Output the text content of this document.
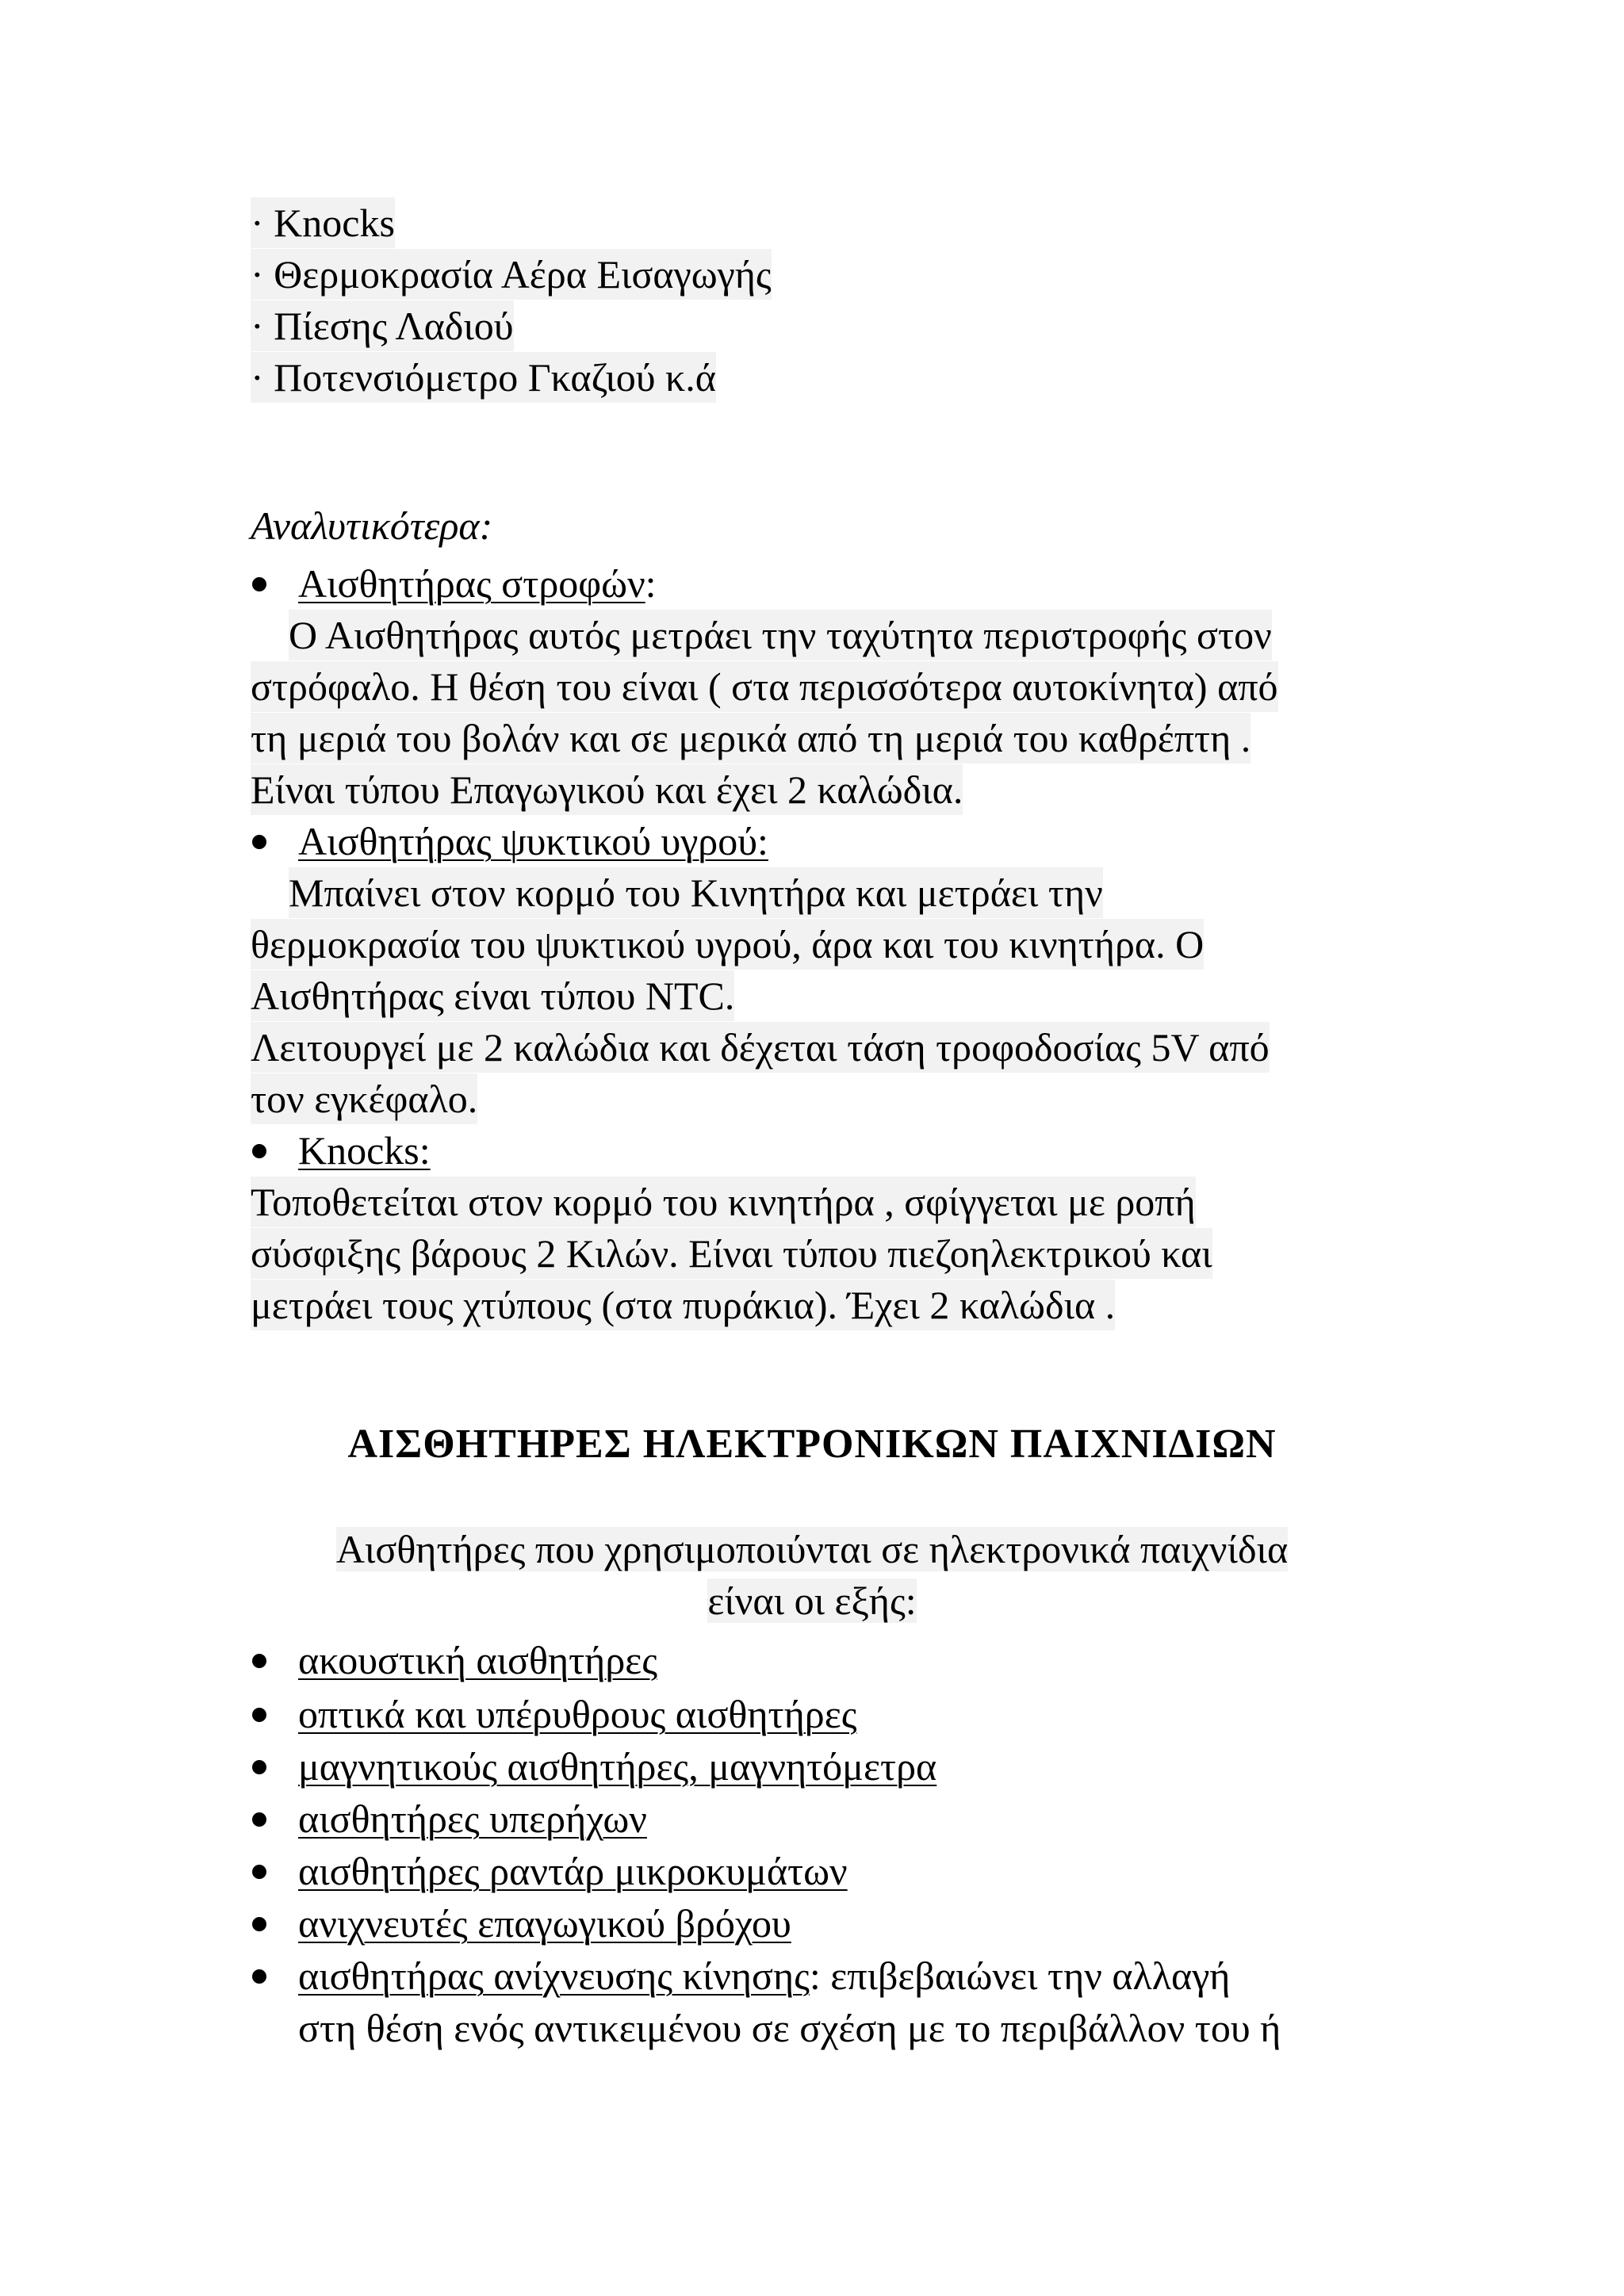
· Knocks
· Θερμοκρασία Αέρα Εισαγωγής
· Πίεσης Λαδιού
· Ποτενσιόμετρο Γκαζιού κ.ά
Αναλυτικότερα:
Αισθητήρας στροφών:
Ο Αισθητήρας αυτός μετράει την ταχύτητα περιστροφής στον
στρόφαλο. Η θέση του είναι ( στα περισσότερα αυτοκίνητα) από
τη μεριά του βολάν και σε μερικά από τη μεριά του καθρέπτη .
Είναι τύπου Επαγωγικού και έχει 2 καλώδια.
Αισθητήρας ψυκτικού υγρού:
Μπαίνει στον κορμό του Κινητήρα και μετράει την
θερμοκρασία του ψυκτικού υγρού, άρα και του κινητήρα. Ο
Αισθητήρας είναι τύπου NTC.
Λειτουργεί με 2 καλώδια και δέχεται τάση τροφοδοσίας 5V από
τον εγκέφαλο.
Knocks:
Τοποθετείται στον κορμό του κινητήρα , σφίγγεται με ροπή
σύσφιξης βάρους 2 Κιλών. Είναι τύπου πιεζοηλεκτρικού και
μετράει τους χτύπους (στα πυράκια). Έχει 2 καλώδια .
ΑΙΣΘΗΤΗΡΕΣ ΗΛΕΚΤΡΟΝΙΚΩΝ ΠΑΙΧΝΙΔΙΩΝ
Αισθητήρες που χρησιμοποιύνται σε ηλεκτρονικά παιχνίδια
είναι οι εξής:
ακουστική αισθητήρες
οπτικά και υπέρυθρους αισθητήρες
μαγνητικούς αισθητήρες, μαγνητόμετρα
αισθητήρες υπερήχων
αισθητήρες ραντάρ μικροκυμάτων
ανιχνευτές επαγωγικού βρόχου
αισθητήρας ανίχνευσης κίνησης: επιβεβαιώνει την αλλαγή
στη θέση ενός αντικειμένου σε σχέση με το περιβάλλον του ή
